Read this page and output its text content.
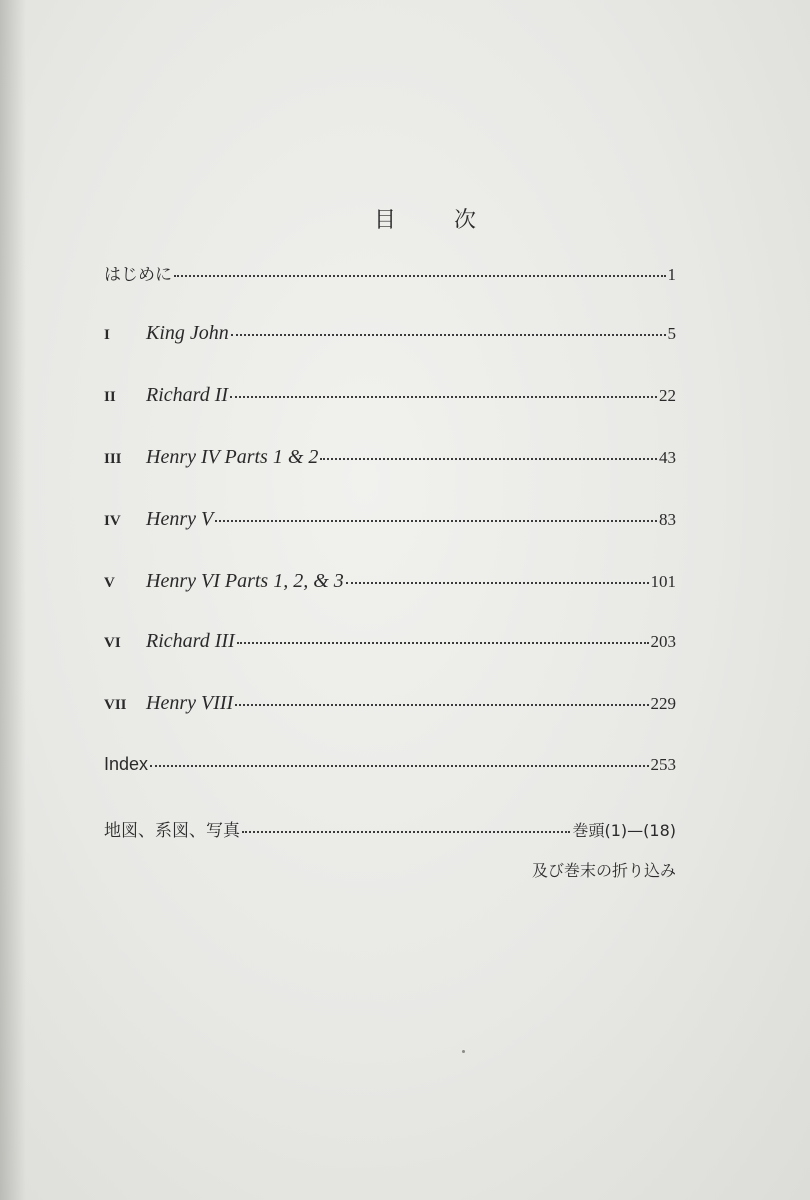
目	次
はじめに	1
I	King John	5
II	Richard II	22
III	Henry IV Parts 1 & 2	43
IV	Henry V	83
V	Henry VI Parts 1, 2, & 3	101
VI	Richard III	203
VII Henry VIII	229
Index	253
地図、系図、写真	巻頭(1)—(18)
及び巻末の折り込み
